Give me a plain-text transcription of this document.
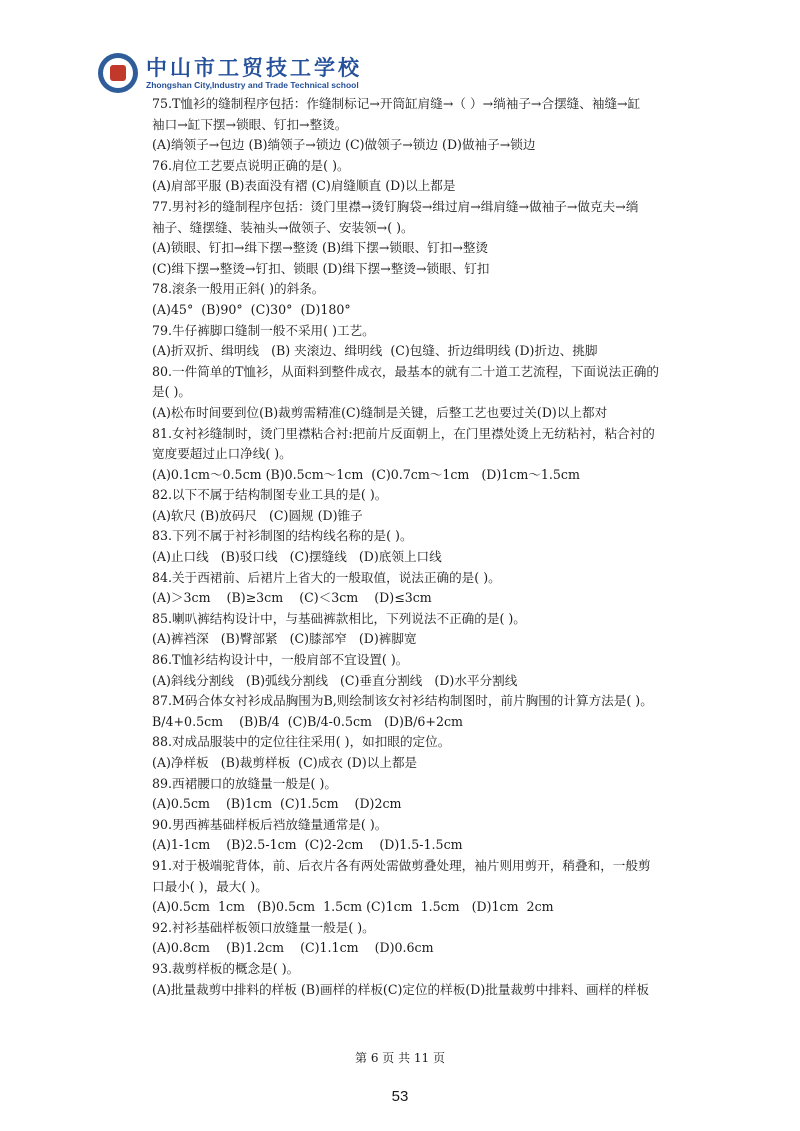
中山市工贸技工学校
Zhongshan City,Industry and Trade Technical school
75.T恤衫的缝制程序包括：作缝制标记→开筒缸肩缝→（ ）→绱袖子→合摆缝、袖缝→缸
袖口→缸下摆→锁眼、钉扣→整烫。
(A)绱领子→包边 (B)绱领子→锁边 (C)做领子→锁边 (D)做袖子→锁边
76.肩位工艺要点说明正确的是( )。
(A)肩部平服 (B)表面没有褶 (C)肩缝顺直 (D)以上都是
77.男衬衫的缝制程序包括：烫门里襟→烫钉胸袋→缉过肩→缉肩缝→做袖子→做克夫→绱
袖子、缝摆缝、装袖头→做领子、安装领→( )。
(A)锁眼、钉扣→缉下摆→整烫 (B)缉下摆→锁眼、钉扣→整烫
(C)缉下摆→整烫→钉扣、锁眼 (D)缉下摆→整烫→锁眼、钉扣
78.滚条一般用正斜( )的斜条。
(A)45°  (B)90°  (C)30°  (D)180°
79.牛仔裤脚口缝制一般不采用( )工艺。
(A)折双折、缉明线   (B) 夹滚边、缉明线  (C)包缝、折边缉明线 (D)折边、挑脚
80.一件简单的T恤衫，从面料到整件成衣，最基本的就有二十道工艺流程，下面说法正确的
是( )。
(A)松布时间要到位(B)裁剪需精准(C)缝制是关键，后整工艺也要过关(D)以上都对
81.女衬衫缝制时，烫门里襟粘合衬:把前片反面朝上，在门里襟处烫上无纺粘衬，粘合衬的
宽度要超过止口净线( )。
(A)0.1cm～0.5cm (B)0.5cm～1cm  (C)0.7cm～1cm   (D)1cm～1.5cm
82.以下不属于结构制图专业工具的是( )。
(A)软尺 (B)放码尺   (C)圆规 (D)锥子
83.下列不属于衬衫制图的结构线名称的是( )。
(A)止口线   (B)驳口线   (C)摆缝线   (D)底领上口线
84.关于西裙前、后裙片上省大的一般取值，说法正确的是( )。
(A)＞3cm    (B)≥3cm    (C)＜3cm    (D)≤3cm
85.喇叭裤结构设计中，与基础裤款相比，下列说法不正确的是( )。
(A)裤裆深   (B)臀部紧   (C)膝部窄   (D)裤脚宽
86.T恤衫结构设计中，一般肩部不宜设置( )。
(A)斜线分割线   (B)弧线分割线   (C)垂直分割线   (D)水平分割线
87.M码合体女衬衫成品胸围为B,则绘制该女衬衫结构制图时，前片胸围的计算方法是( )。
B/4+0.5cm    (B)B/4  (C)B/4-0.5cm   (D)B/6+2cm
88.对成品服装中的定位往往采用( )，如扣眼的定位。
(A)净样板   (B)裁剪样板  (C)成衣 (D)以上都是
89.西裙腰口的放缝量一般是( )。
(A)0.5cm    (B)1cm  (C)1.5cm    (D)2cm
90.男西裤基础样板后裆放缝量通常是( )。
(A)1-1cm    (B)2.5-1cm  (C)2-2cm    (D)1.5-1.5cm
91.对于极端驼背体，前、后衣片各有两处需做剪叠处理，袖片则用剪开，稍叠和，一般剪
口最小( )，最大( )。
(A)0.5cm  1cm   (B)0.5cm  1.5cm (C)1cm  1.5cm   (D)1cm  2cm
92.衬衫基础样板领口放缝量一般是( )。
(A)0.8cm    (B)1.2cm    (C)1.1cm    (D)0.6cm
93.裁剪样板的概念是( )。
(A)批量裁剪中排料的样板 (B)画样的样板(C)定位的样板(D)批量裁剪中排料、画样的样板
第 6 页 共 11 页
53
